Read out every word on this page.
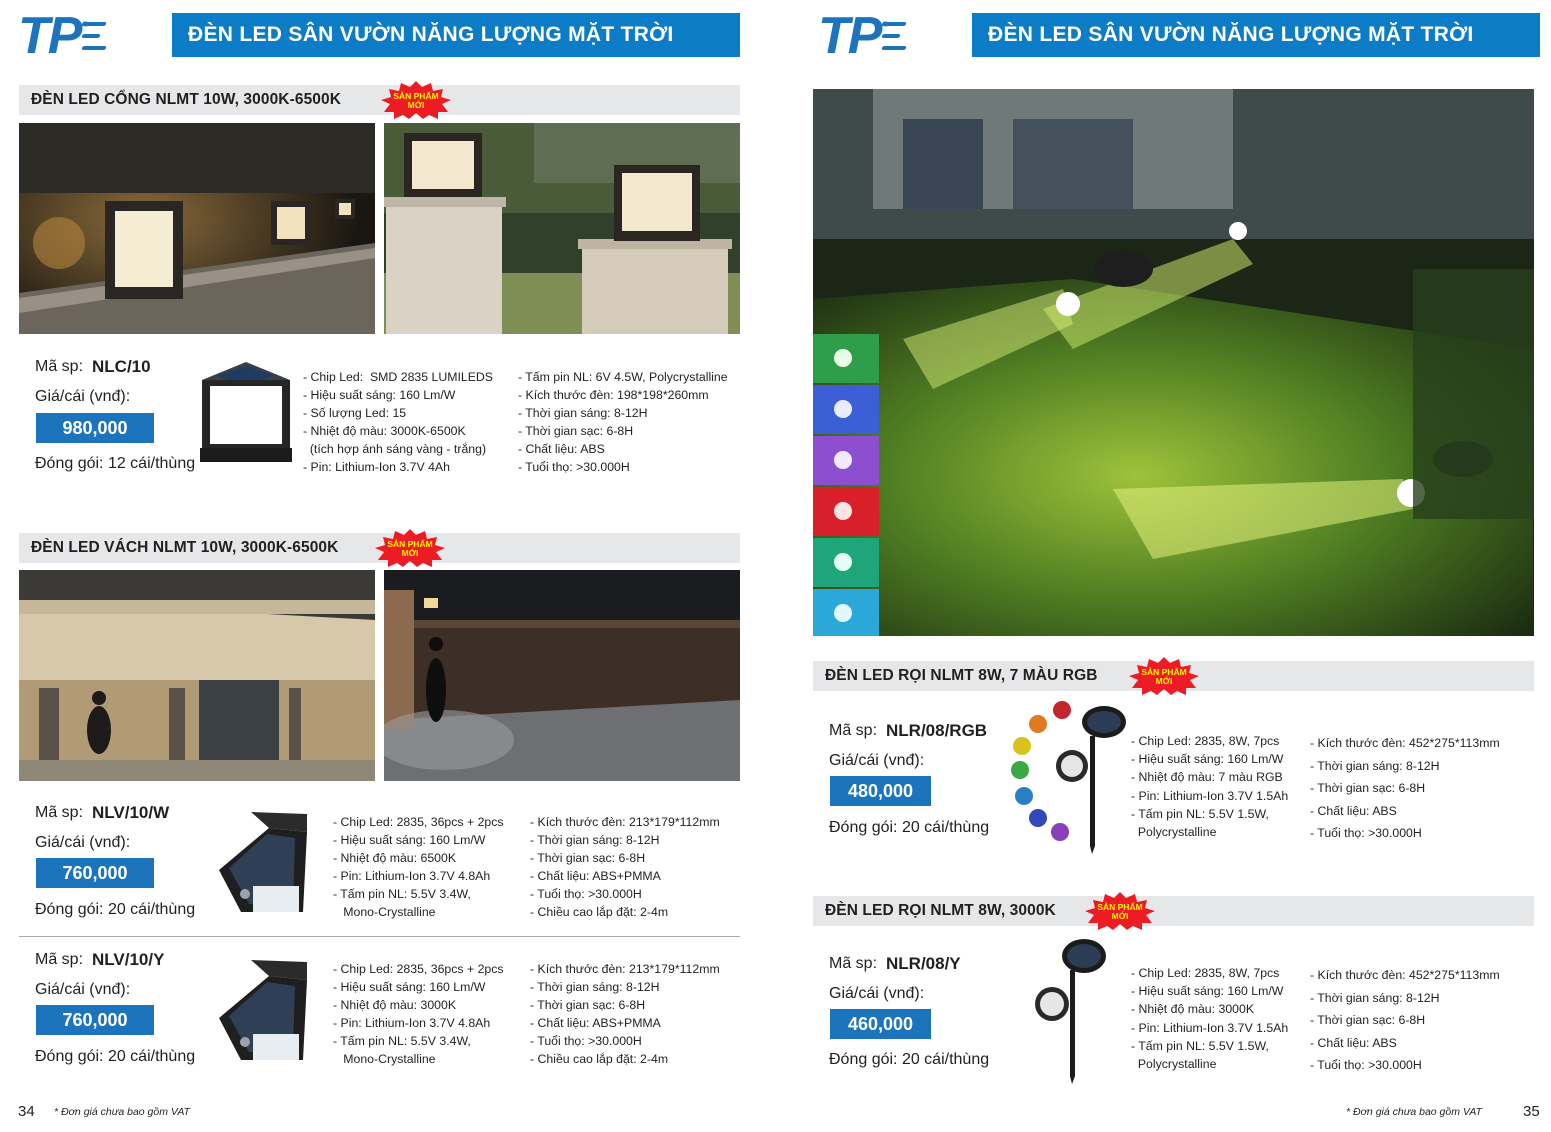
TP ®	ĐÈN LED SÂN VƯỜN NĂNG LƯỢNG MẶT TRỜI
ĐÈN LED CỔNG NLMT 10W, 3000K-6500K	SẢN PHẨM
MỚI
Mã sp: NLC/10
Giá/cái (vnđ):
980,000
Đóng gói: 12 cái/thùng
- Chip Led:  SMD 2835 LUMILEDS
- Hiệu suất sáng: 160 Lm/W
- Số lượng Led: 15
- Nhiệt độ màu: 3000K-6500K
(tích hợp ánh sáng vàng - trắng)
- Pin: Lithium-Ion 3.7V 4Ah
- Tấm pin NL: 6V 4.5W, Polycrystalline
- Kích thước đèn: 198*198*260mm
- Thời gian sáng: 8-12H
- Thời gian sạc: 6-8H
- Chất liệu: ABS
- Tuổi thọ: >30.000H
ĐÈN LED VÁCH NLMT 10W, 3000K-6500K	SẢN PHẨM
MỚI
Mã sp: NLV/10/W
Giá/cái (vnđ):
760,000
Đóng gói: 20 cái/thùng
- Chip Led: 2835, 36pcs + 2pcs
- Hiệu suất sáng: 160 Lm/W
- Nhiệt độ màu: 6500K
- Pin: Lithium-Ion 3.7V 4.8Ah
- Tấm pin NL: 5.5V 3.4W,
Mono-Crystalline
- Kích thước đèn: 213*179*112mm
- Thời gian sáng: 8-12H
- Thời gian sạc: 6-8H
- Chất liệu: ABS+PMMA
- Tuổi thọ: >30.000H
- Chiều cao lắp đặt: 2-4m
Mã sp: NLV/10/Y
Giá/cái (vnđ):
760,000
Đóng gói: 20 cái/thùng
- Chip Led: 2835, 36pcs + 2pcs
- Hiệu suất sáng: 160 Lm/W
- Nhiệt độ màu: 3000K
- Pin: Lithium-Ion 3.7V 4.8Ah
- Tấm pin NL: 5.5V 3.4W,
Mono-Crystalline
- Kích thước đèn: 213*179*112mm
- Thời gian sáng: 8-12H
- Thời gian sạc: 6-8H
- Chất liệu: ABS+PMMA
- Tuổi thọ: >30.000H
- Chiều cao lắp đặt: 2-4m
34 * Đơn giá chưa bao gồm VAT
TP ®	ĐÈN LED SÂN VƯỜN NĂNG LƯỢNG MẶT TRỜI
ĐÈN LED RỌI NLMT 8W, 7 MÀU RGB	SẢN PHẨM
MỚI
Mã sp: NLR/08/RGB
Giá/cái (vnđ):
480,000
Đóng gói: 20 cái/thùng
- Chip Led: 2835, 8W, 7pcs
- Hiệu suất sáng: 160 Lm/W
- Nhiệt độ màu: 7 màu RGB
- Pin: Lithium-Ion 3.7V 1.5Ah
- Tấm pin NL: 5.5V 1.5W,
Polycrystalline
- Kích thước đèn: 452*275*113mm
- Thời gian sáng: 8-12H
- Thời gian sạc: 6-8H
- Chất liệu: ABS
- Tuổi thọ: >30.000H
ĐÈN LED RỌI NLMT 8W, 3000K	SẢN PHẨM
MỚI
Mã sp: NLR/08/Y
Giá/cái (vnđ):
460,000
Đóng gói: 20 cái/thùng
- Chip Led: 2835, 8W, 7pcs
- Hiệu suất sáng: 160 Lm/W
- Nhiệt độ màu: 3000K
- Pin: Lithium-Ion 3.7V 1.5Ah
- Tấm pin NL: 5.5V 1.5W,
Polycrystalline
- Kích thước đèn: 452*275*113mm
- Thời gian sáng: 8-12H
- Thời gian sạc: 6-8H
- Chất liệu: ABS
- Tuổi thọ: >30.000H
* Đơn giá chưa bao gồm VAT	35
